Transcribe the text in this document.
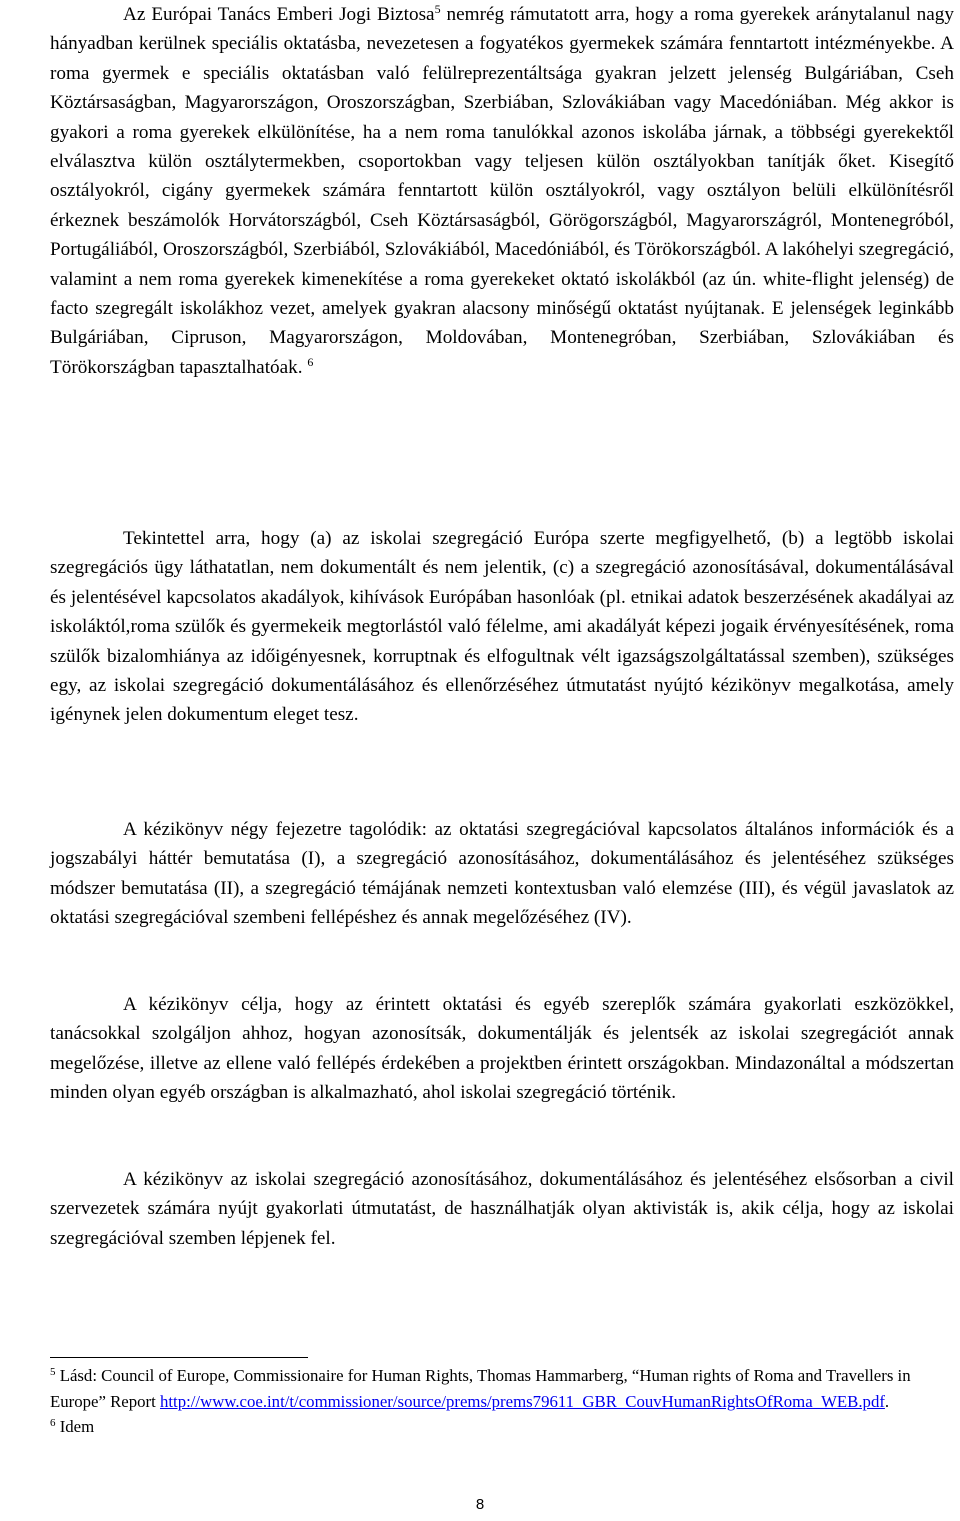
Az Európai Tanács Emberi Jogi Biztosa$^5$ nemrég rámutatott arra, hogy a roma gyerekek aránytalanul nagy hányadban kerülnek speciális oktatásba, nevezetesen a fogyatékos gyermekek számára fenntartott intézményekbe. A roma gyermek e speciális oktatásban való felülreprezentáltsága gyakran jelzett jelenség Bulgáriában, Cseh Köztársaságban, Magyarországon, Oroszországban, Szerbiában, Szlovákiában vagy Macedóniában. Még akkor is gyakori a roma gyerekek elkülönítése, ha a nem roma tanulókkal azonos iskolába járnak, a többségi gyerekektől elválasztva külön osztálytermekben, csoportokban vagy teljesen külön osztályokban tanítják őket. Kisegítő osztályokról, cigány gyermekek számára fenntartott külön osztályokról, vagy osztályon belüli elkülönítésről érkeznek beszámolók Horvátországból, Cseh Köztársaságból, Görögországból, Magyarországról, Montenegróból, Portugáliából, Oroszországból, Szerbiából, Szlovákiából, Macedóniából, és Törökországból. A lakóhelyi szegregáció, valamint a nem roma gyerekek kimenekítése a roma gyerekeket oktató iskolákból (az ún. white-flight jelenség) de facto szegregált iskolákhoz vezet, amelyek gyakran alacsony minőségű oktatást nyújtanak. E jelenségek leginkább Bulgáriában, Cipruson, Magyarországon, Moldovában, Montenegróban, Szerbiában, Szlovákiában és Törökországban tapasztalhatóak. $^6$

Tekintettel arra, hogy (a) az iskolai szegregáció Európa szerte megfigyelhető, (b) a legtöbb iskolai szegregációs ügy láthatatlan, nem dokumentált és nem jelentik, (c) a szegregáció azonosításával, dokumentálásával és jelentésével kapcsolatos akadályok, kihívások Európában hasonlóak (pl. etnikai adatok beszerzésének akadályai az iskoláktól,roma szülők és gyermekeik megtorlástól való félelme, ami akadályát képezi jogaik érvényesítésének, roma szülők bizalomhiánya az időigényesnek, korruptnak és elfogultnak vélt igazságszolgáltatással szemben), szükséges egy, az iskolai szegregáció dokumentálásához és ellenőrzéséhez útmutatást nyújtó kézikönyv megalkotása, amely igénynek jelen dokumentum eleget tesz.

A kézikönyv négy fejezetre tagolódik: az oktatási szegregációval kapcsolatos általános információk és a jogszabályi háttér bemutatása (I), a szegregáció azonosításához, dokumentálásához és jelentéséhez szükséges módszer bemutatása (II), a szegregáció témájának nemzeti kontextusban való elemzése (III), és végül javaslatok az oktatási szegregációval szembeni fellépéshez és annak megelőzéséhez (IV).

A kézikönyv célja, hogy az érintett oktatási és egyéb szereplők számára gyakorlati eszközökkel, tanácsokkal szolgáljon ahhoz, hogyan azonosítsák, dokumentálják és jelentsék az iskolai szegregációt annak megelőzése, illetve az ellene való fellépés érdekében a projektben érintett országokban. Mindazonáltal a módszertan minden olyan egyéb országban is alkalmazható, ahol iskolai szegregáció történik.

A kézikönyv az iskolai szegregáció azonosításához, dokumentálásához és jelentéséhez elsősorban a civil szervezetek számára nyújt gyakorlati útmutatást, de használhatják olyan aktivisták is, akik célja, hogy az iskolai szegregációval szemben lépjenek fel.

$^5$ Lásd: Council of Europe, Commissionaire for Human Rights, Thomas Hammarberg, “Human rights of Roma and Travellers in Europe” Report http://www.coe.int/t/commissioner/source/prems/prems79611_GBR_CouvHumanRightsOfRoma_WEB.pdf.

$^6$ Idem

8
